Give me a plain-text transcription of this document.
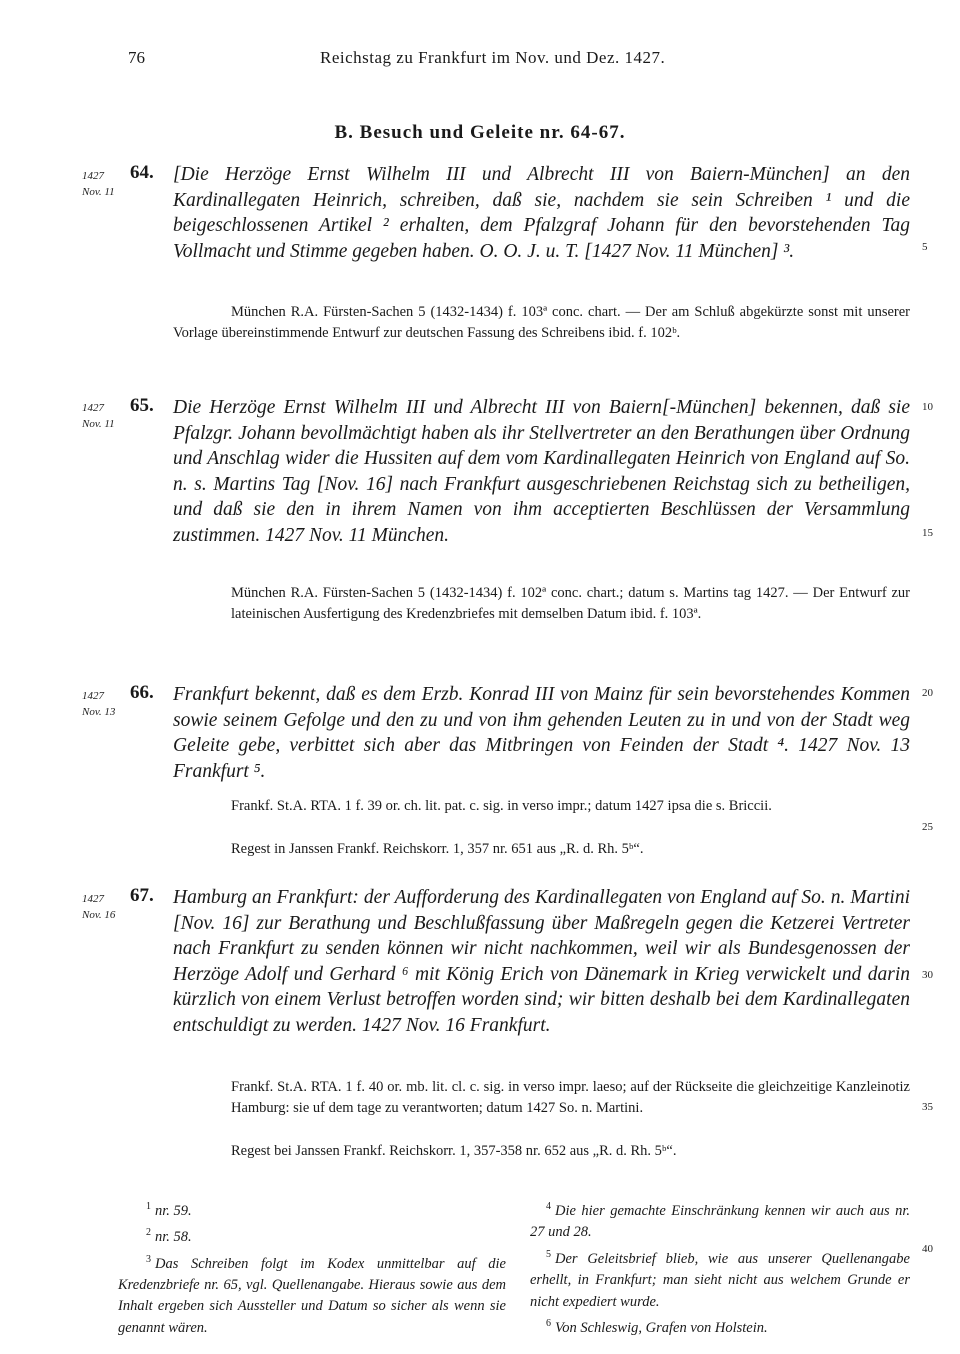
76	Reichstag zu Frankfurt im Nov. und Dez. 1427.
B. Besuch und Geleite nr. 64-67.
1427
Nov. 11
64. [Die Herzöge Ernst Wilhelm III und Albrecht III von Baiern-München] an den Kardinallegaten Heinrich, schreiben, daß sie, nachdem sie sein Schreiben ¹ und die beigeschlossenen Artikel ² erhalten, dem Pfalzgraf Johann für den bevorstehenden Tag Vollmacht und Stimme gegeben haben. O. O. J. u. T. [1427 Nov. 11 München] ³.
München R.A. Fürsten-Sachen 5 (1432-1434) f. 103ª conc. chart. — Der am Schluß abgekürzte sonst mit unserer Vorlage übereinstimmende Entwurf zur deutschen Fassung des Schreibens ibid. f. 102ᵇ.
1427
Nov. 11
65. Die Herzöge Ernst Wilhelm III und Albrecht III von Baiern[-München] bekennen, daß sie Pfalzgr. Johann bevollmächtigt haben als ihr Stellvertreter an den Berathungen über Ordnung und Anschlag wider die Hussiten auf dem vom Kardinallegaten Heinrich von England auf So. n. s. Martins Tag [Nov. 16] nach Frankfurt ausgeschriebenen Reichstag sich zu betheiligen, und daß sie den in ihrem Namen von ihm acceptierten Beschlüssen der Versammlung zustimmen. 1427 Nov. 11 München.
München R.A. Fürsten-Sachen 5 (1432-1434) f. 102ª conc. chart.; datum s. Martins tag 1427. — Der Entwurf zur lateinischen Ausfertigung des Kredenzbriefes mit demselben Datum ibid. f. 103ª.
1427
Nov. 13
66. Frankfurt bekennt, daß es dem Erzb. Konrad III von Mainz für sein bevorstehendes Kommen sowie seinem Gefolge und den zu und von ihm gehenden Leuten zu in und von der Stadt weg Geleite gebe, verbittet sich aber das Mitbringen von Feinden der Stadt ⁴. 1427 Nov. 13 Frankfurt ⁵.
Frankf. St.A. RTA. 1 f. 39 or. ch. lit. pat. c. sig. in verso impr.; datum 1427 ipsa die s. Briccii.
Regest in Janssen Frankf. Reichskorr. 1, 357 nr. 651 aus „R. d. Rh. 5ᵇ“.
1427
Nov. 16
67. Hamburg an Frankfurt: der Aufforderung des Kardinallegaten von England auf So. n. Martini [Nov. 16] zur Berathung und Beschlußfassung über Maßregeln gegen die Ketzerei Vertreter nach Frankfurt zu senden können wir nicht nachkommen, weil wir als Bundesgenossen der Herzöge Adolf und Gerhard ⁶ mit König Erich von Dänemark in Krieg verwickelt und darin kürzlich von einem Verlust betroffen worden sind; wir bitten deshalb bei dem Kardinallegaten entschuldigt zu werden. 1427 Nov. 16 Frankfurt.
Frankf. St.A. RTA. 1 f. 40 or. mb. lit. cl. c. sig. in verso impr. laeso; auf der Rückseite die gleichzeitige Kanzleinotiz Hamburg: sie uf dem tage zu verantworten; datum 1427 So. n. Martini.
Regest bei Janssen Frankf. Reichskorr. 1, 357-358 nr. 652 aus „R. d. Rh. 5ᵇ“.
5
10
15
20
25
30
35
40
$^1$ nr. 59.
$^2$ nr. 58.
$^3$ Das Schreiben folgt im Kodex unmittelbar auf die Kredenzbriefe nr. 65, vgl. Quellenangabe. Hieraus sowie aus dem Inhalt ergeben sich Aussteller und Datum so sicher als wenn sie genannt wären.
$^4$ Die hier gemachte Einschränkung kennen wir auch aus nr. 27 und 28.
$^5$ Der Geleitsbrief blieb, wie aus unserer Quellenangabe erhellt, in Frankfurt; man sieht nicht aus welchem Grunde er nicht expediert wurde.
$^6$ Von Schleswig, Grafen von Holstein.
